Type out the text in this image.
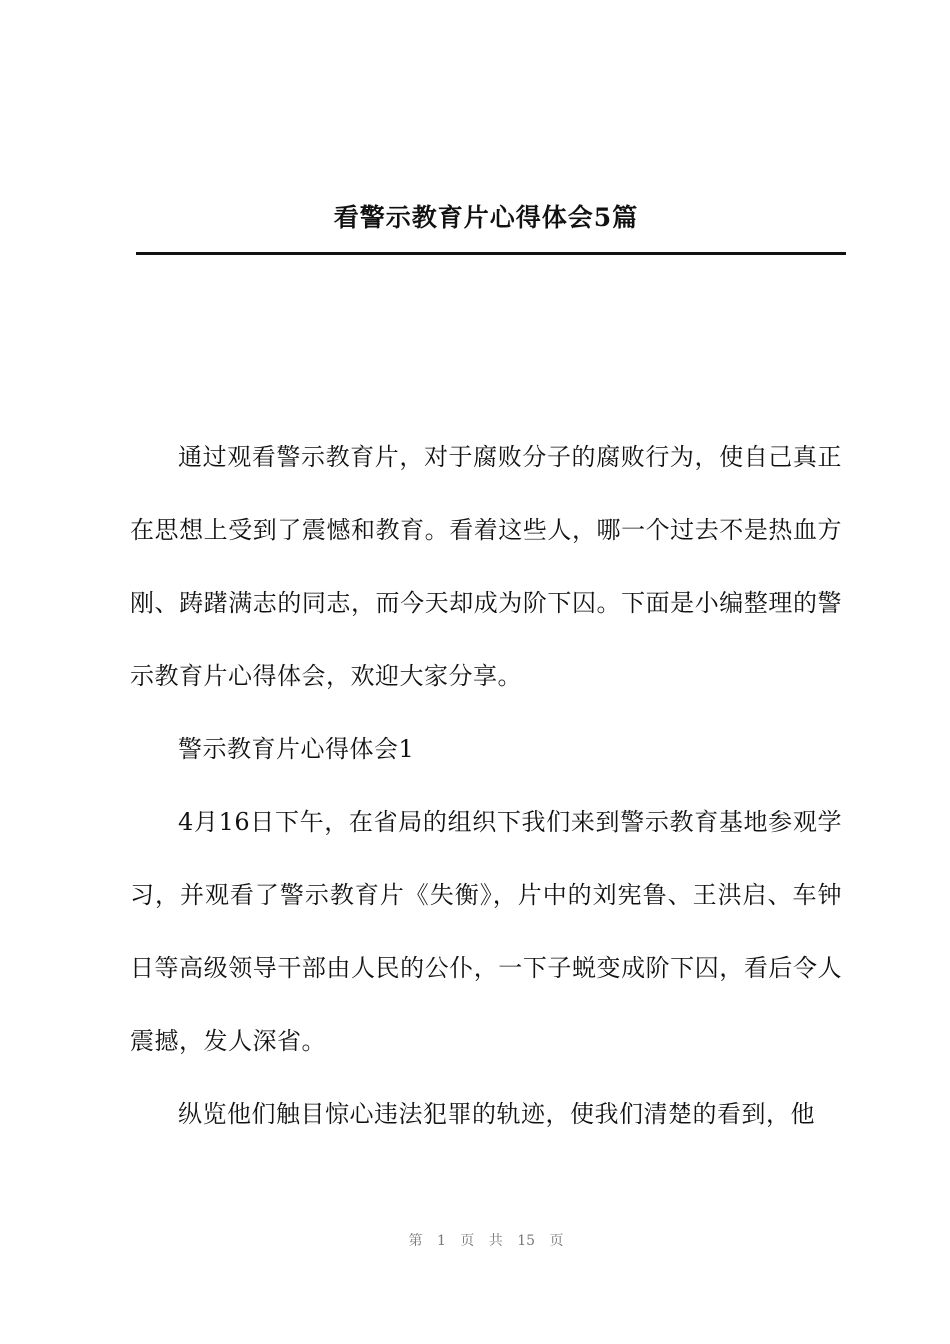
看警示教育片心得体会5篇

通过观看警示教育片，对于腐败分子的腐败行为，使自己真正在思想上受到了震憾和教育。看着这些人，哪一个过去不是热血方刚、踌躇满志的同志，而今天却成为阶下囚。下面是小编整理的警示教育片心得体会，欢迎大家分享。

警示教育片心得体会1

4月16日下午，在省局的组织下我们来到警示教育基地参观学习，并观看了警示教育片《失衡》，片中的刘宪鲁、王洪启、车钟日等高级领导干部由人民的公仆，一下子蜕变成阶下囚，看后令人震撼，发人深省。

纵览他们触目惊心违法犯罪的轨迹，使我们清楚的看到，他

第 1 页 共 15 页
